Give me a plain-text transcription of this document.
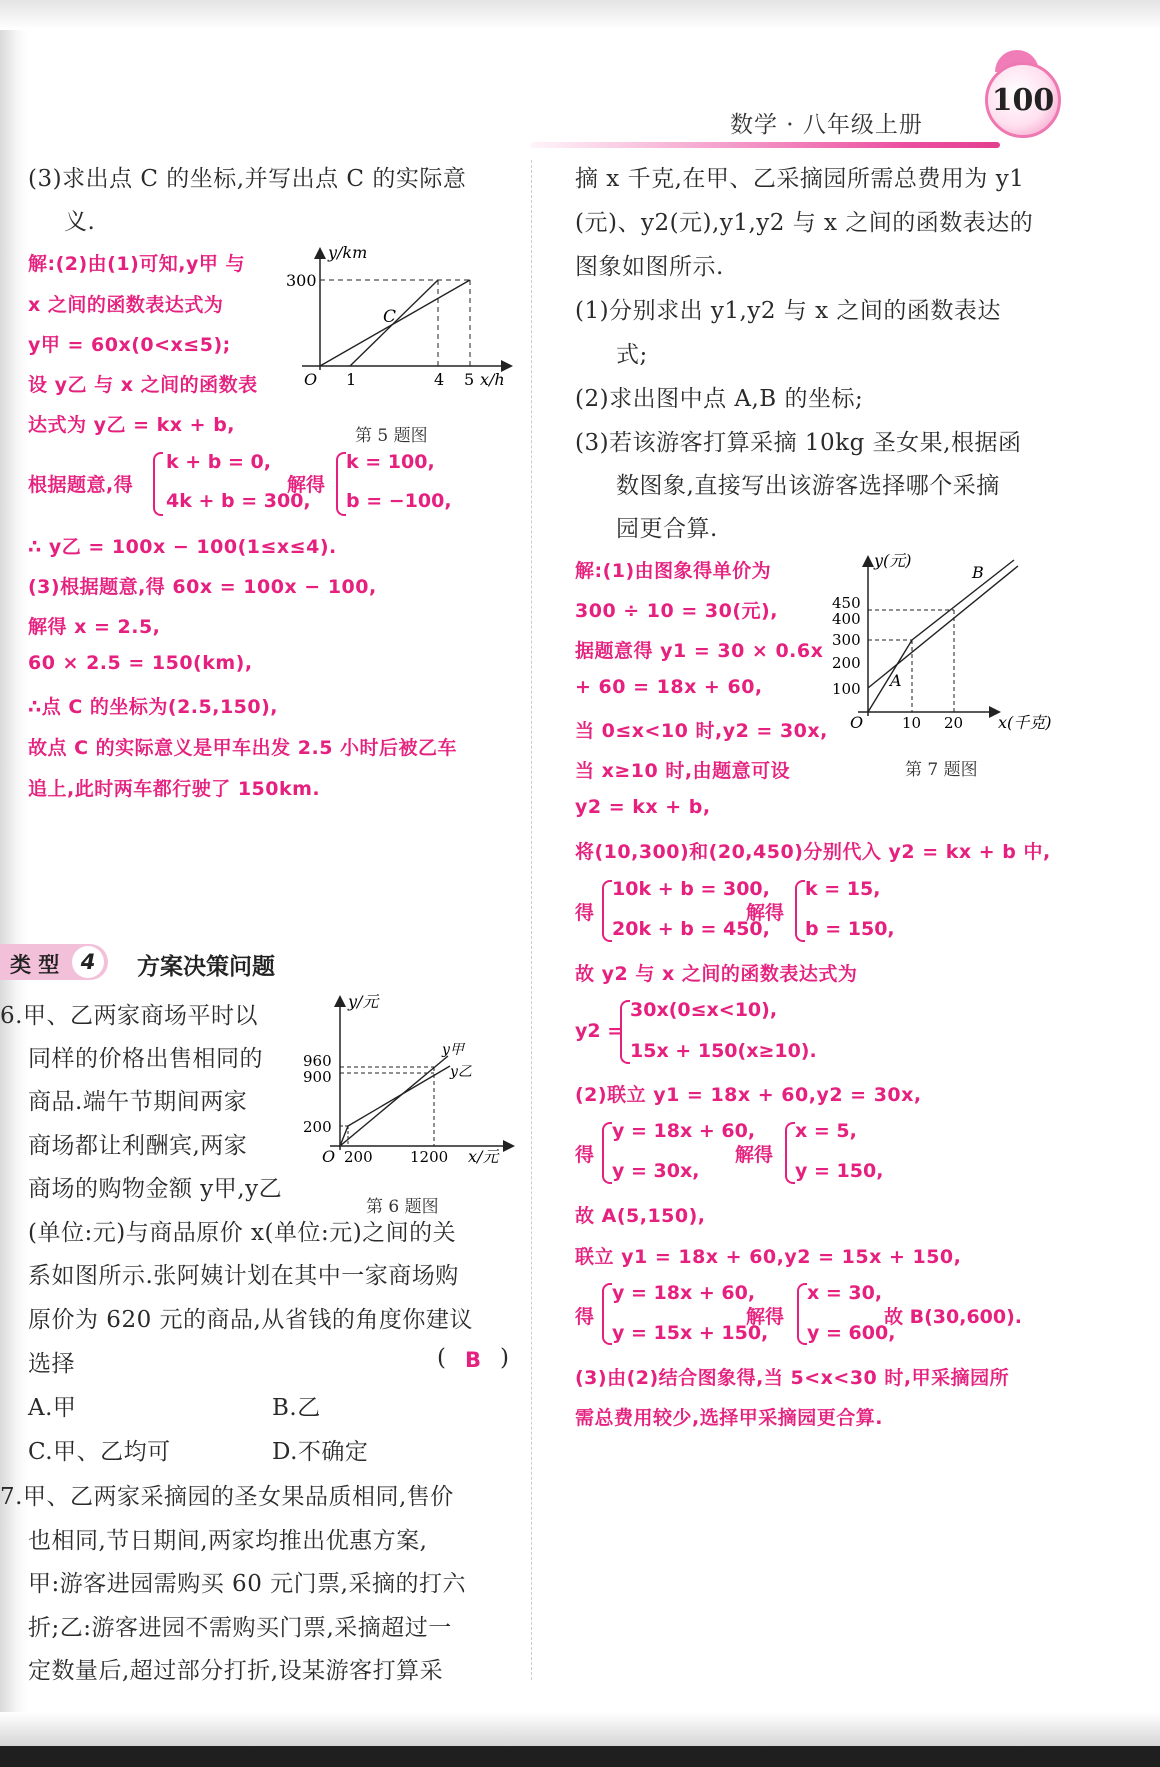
数学 · 八年级上册
100
(3)求出点 C 的坐标,并写出点 C 的实际意
义.
解:(2)由(1)可知,y甲 与
x 之间的函数表达式为
y甲 = 60x(0<x≤5);
设 y乙 与 x 之间的函数表
达式为 y乙 = kx + b,
根据题意,得
k + b = 0,
4k + b = 300,
解得
k = 100,
b = −100,
∴ y乙 = 100x − 100(1≤x≤4).
(3)根据题意,得 60x = 100x − 100,
解得 x = 2.5,
60 × 2.5 = 150(km),
∴点 C 的坐标为(2.5,150),
故点 C 的实际意义是甲车出发 2.5 小时后被乙车
追上,此时两车都行驶了 150km.
y/km
300
O 1	4 5 x/h
C
第 5 题图
类 型	4	方案决策问题
6.甲、乙两家商场平时以
同样的价格出售相同的
商品.端午节期间两家
商场都让利酬宾,两家
商场的购物金额 y甲,y乙
(单位:元)与商品原价 x(单位:元)之间的关
系如图所示.张阿姨计划在其中一家商场购
原价为 620 元的商品,从省钱的角度你建议
选择	( B )
A.甲	B.乙
C.甲、乙均可	D.不确定
y/元
960
900
200
O 200 1200 x/元
y甲
y乙
第 6 题图
7.甲、乙两家采摘园的圣女果品质相同,售价
也相同,节日期间,两家均推出优惠方案,
甲:游客进园需购买 60 元门票,采摘的打六
折;乙:游客进园不需购买门票,采摘超过一
定数量后,超过部分打折,设某游客打算采
摘 x 千克,在甲、乙采摘园所需总费用为 y1
(元)、y2(元),y1,y2 与 x 之间的函数表达的
图象如图所示.
(1)分别求出 y1,y2 与 x 之间的函数表达
式;
(2)求出图中点 A,B 的坐标;
(3)若该游客打算采摘 10kg 圣女果,根据函
数图象,直接写出该游客选择哪个采摘
园更合算.
解:(1)由图象得单价为
300 ÷ 10 = 30(元),
据题意得 y1 = 30 × 0.6x
+ 60 = 18x + 60,
当 0≤x<10 时,y2 = 30x,
当 x≥10 时,由题意可设
y2 = kx + b,
将(10,300)和(20,450)分别代入 y2 = kx + b 中,
得
10k + b = 300,
20k + b = 450,
解得
k = 15,
b = 150,
故 y2 与 x 之间的函数表达式为
y2 =
30x(0≤x<10),
15x + 150(x≥10).
(2)联立 y1 = 18x + 60,y2 = 30x,
得
y = 18x + 60,
y = 30x,
解得
x = 5,
y = 150,
故 A(5,150),
联立 y1 = 18x + 60,y2 = 15x + 150,
得
y = 18x + 60,
y = 15x + 150,
解得
x = 30,
y = 600,
故 B(30,600).
(3)由(2)结合图象得,当 5<x<30 时,甲采摘园所
需总费用较少,选择甲采摘园更合算.
y(元)
450
400
300
200
100
O	10 20 x(千克)
A
B
第 7 题图
